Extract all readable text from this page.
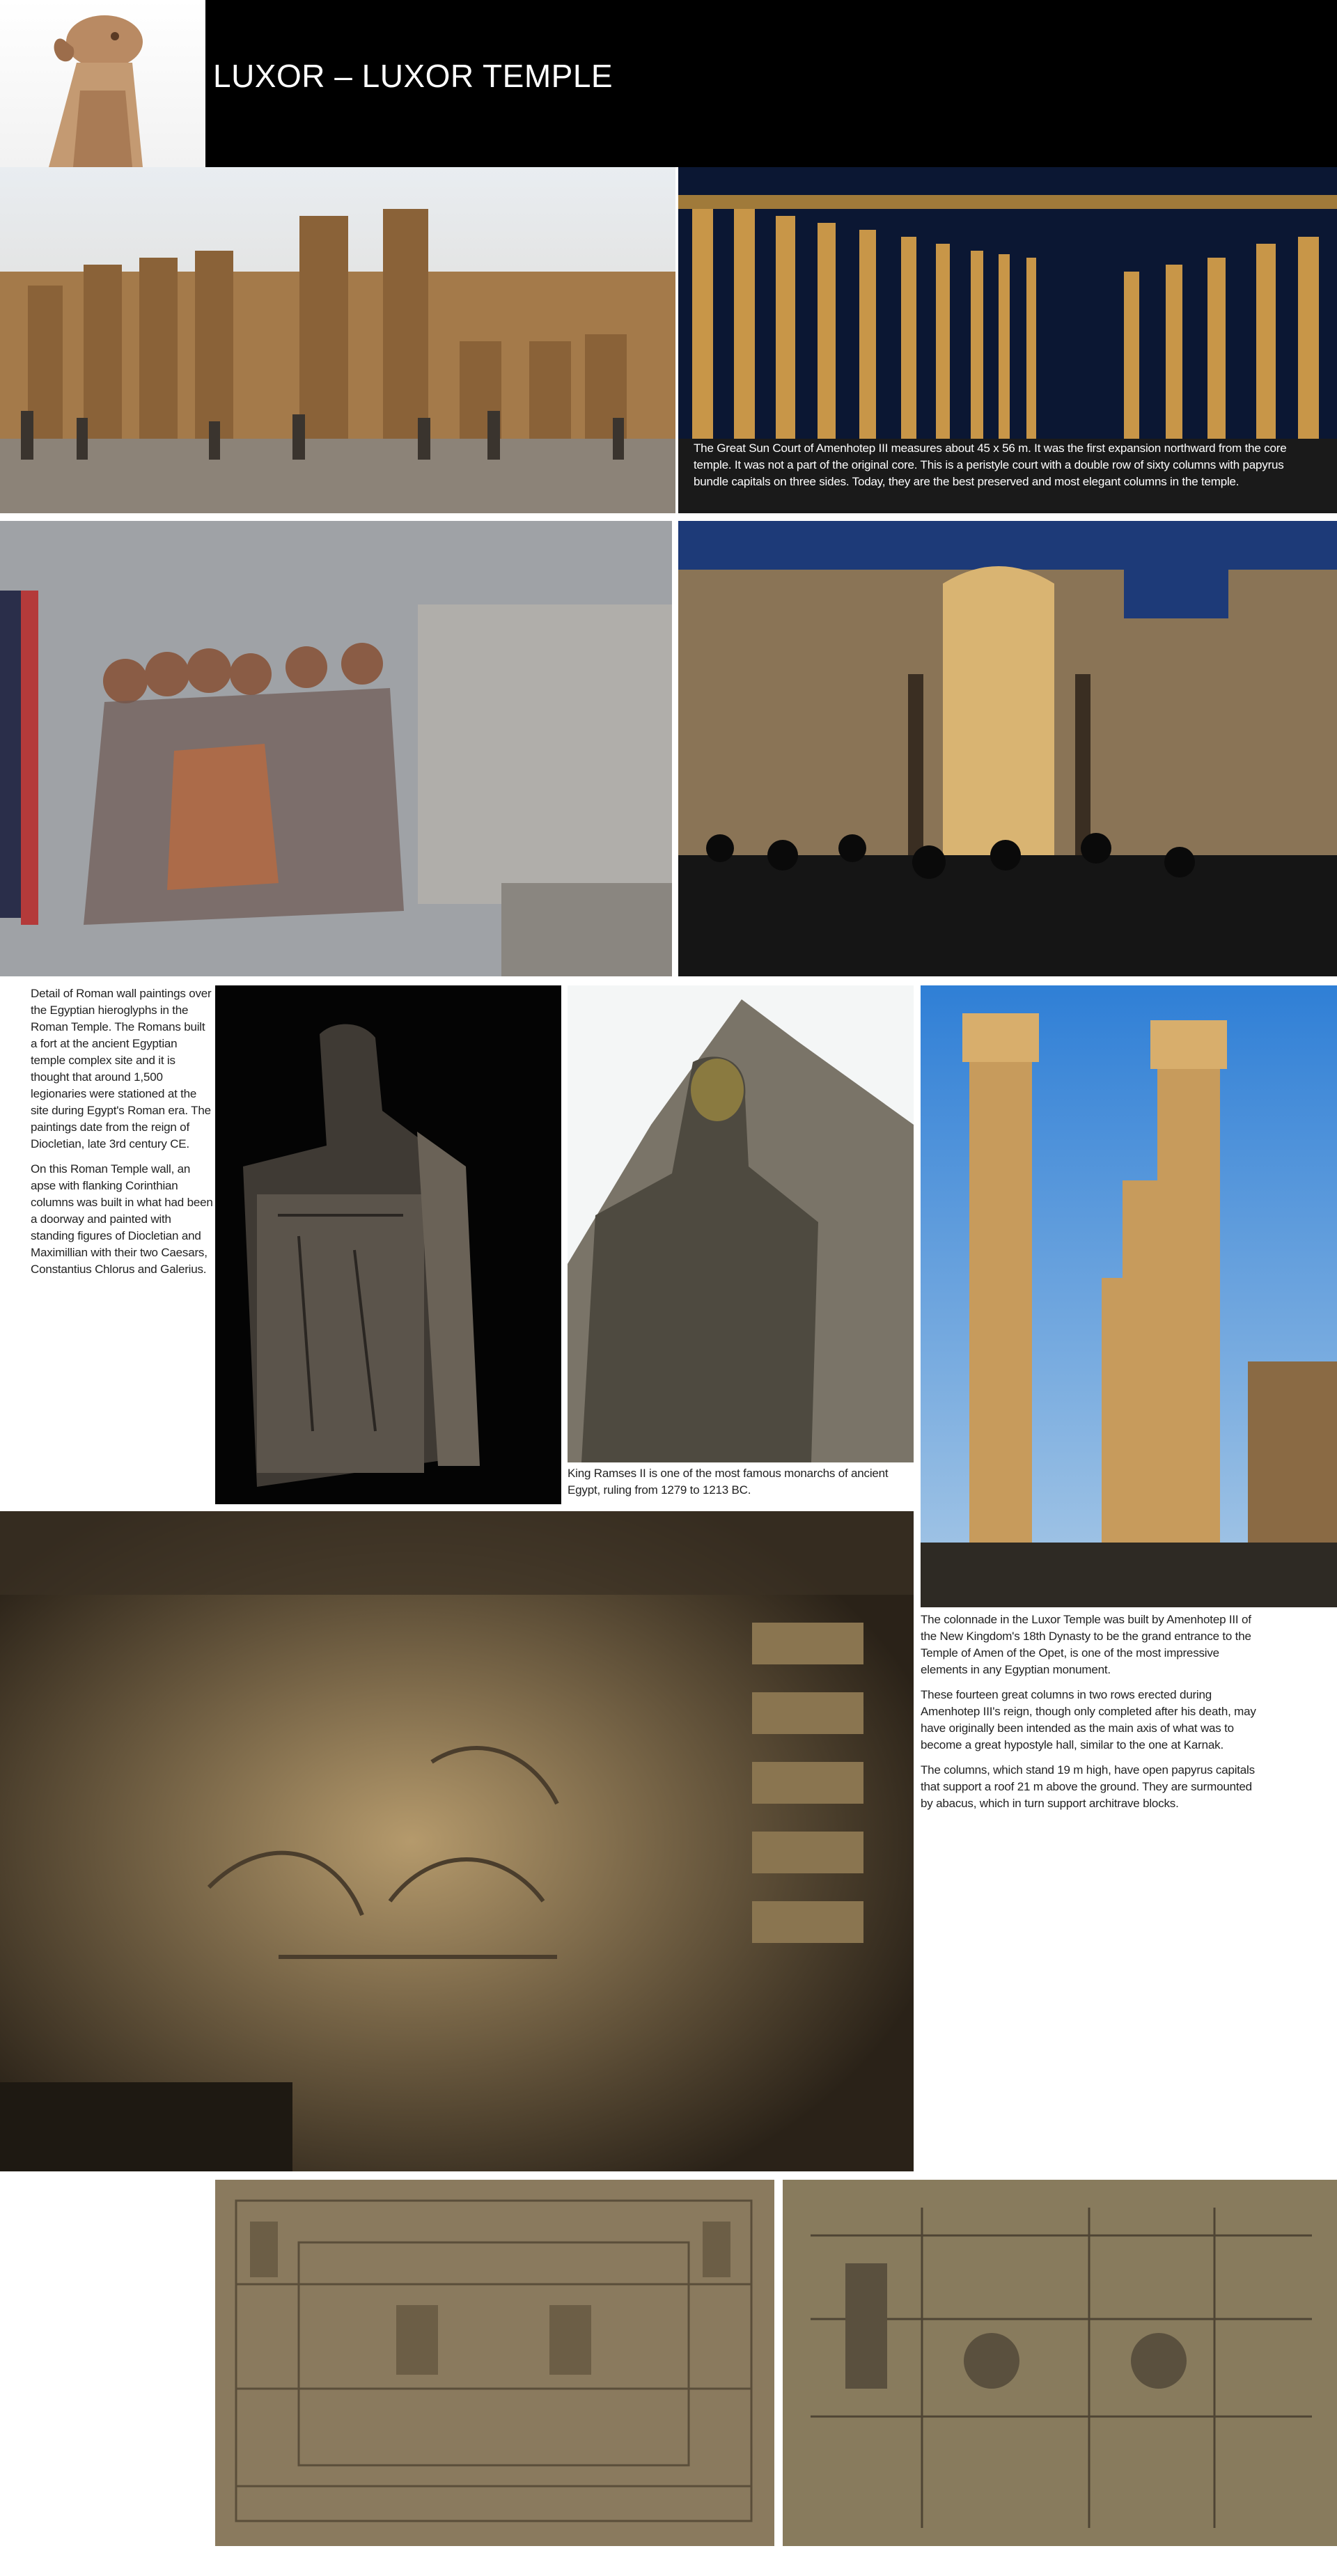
LUXOR – LUXOR TEMPLE
The Great Sun Court of Amenhotep III measures about 45 x 56 m. It was the first expansion northward from the core temple. It was not a part of the original core. This is a peristyle court with a double row of sixty columns with papyrus bundle capitals on three sides. Today, they are the best preserved and most elegant columns in the temple.

Detail of Roman wall paintings over the Egyptian hieroglyphs in the Roman Temple. The Romans built a fort at the ancient Egyptian temple complex site and it is thought that around 1,500 legionaries were stationed at the site during Egypt's Roman era. The paintings date from the reign of Diocletian, late 3rd century CE.

On this Roman Temple wall, an apse with flanking Corinthian columns was built in what had been a doorway and painted with standing figures of Diocletian and Maximillian with their two Caesars, Constantius Chlorus and Galerius.

King Ramses II is one of the most famous monarchs of ancient Egypt, ruling from 1279 to 1213 BC.

The colonnade in the Luxor Temple was built by Amenhotep III of the New Kingdom's 18th Dynasty to be the grand entrance to the Temple of Amen of the Opet, is one of the most impressive elements in any Egyptian monument.

These fourteen great columns in two rows erected during Amenhotep III's reign, though only completed after his death, may have originally been intended as the main axis of what was to become a great hypostyle hall, similar to the one at Karnak.

The columns, which stand 19 m high, have open papyrus capitals that support a roof 21 m above the ground. They are surmounted by abacus, which in turn support architrave blocks.
